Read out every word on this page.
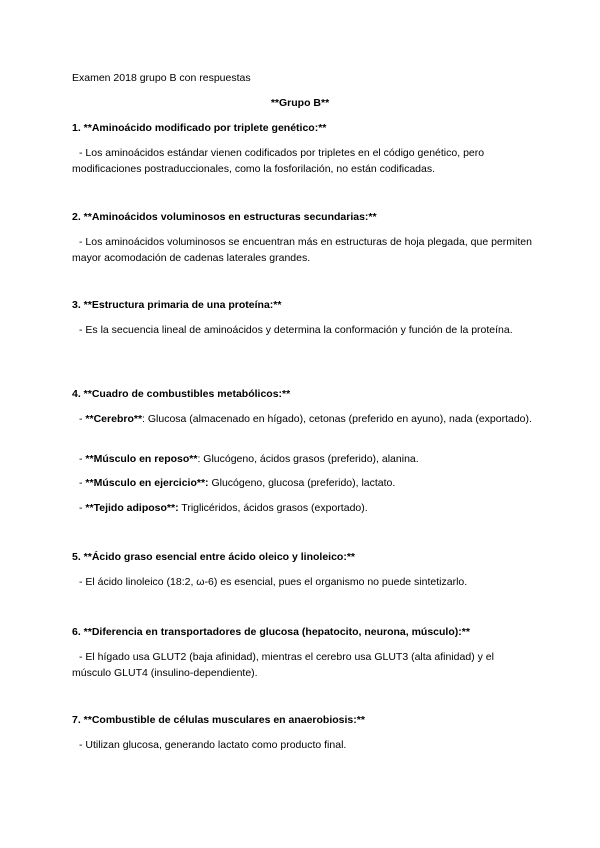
Examen 2018 grupo B con respuestas

**Grupo B**

1. **Aminoácido modificado por triplete genético:**

- Los aminoácidos estándar vienen codificados por tripletes en el código genético, pero modificaciones postraduccionales, como la fosforilación, no están codificadas.

2. **Aminoácidos voluminosos en estructuras secundarias:**

- Los aminoácidos voluminosos se encuentran más en estructuras de hoja plegada, que permiten mayor acomodación de cadenas laterales grandes.

3. **Estructura primaria de una proteína:**

- Es la secuencia lineal de aminoácidos y determina la conformación y función de la proteína.

4. **Cuadro de combustibles metabólicos:**

- **Cerebro**: Glucosa (almacenado en hígado), cetonas (preferido en ayuno), nada (exportado).

- **Músculo en reposo**: Glucógeno, ácidos grasos (preferido), alanina.

- **Músculo en ejercicio**: Glucógeno, glucosa (preferido), lactato.

- **Tejido adiposo**: Triglicéridos, ácidos grasos (exportado).

5. **Ácido graso esencial entre ácido oleico y linoleico:**

- El ácido linoleico (18:2, ω-6) es esencial, pues el organismo no puede sintetizarlo.

6. **Diferencia en transportadores de glucosa (hepatocito, neurona, músculo):**

- El hígado usa GLUT2 (baja afinidad), mientras el cerebro usa GLUT3 (alta afinidad) y el músculo GLUT4 (insulino-dependiente).

7. **Combustible de células musculares en anaerobiosis:**

- Utilizan glucosa, generando lactato como producto final.
